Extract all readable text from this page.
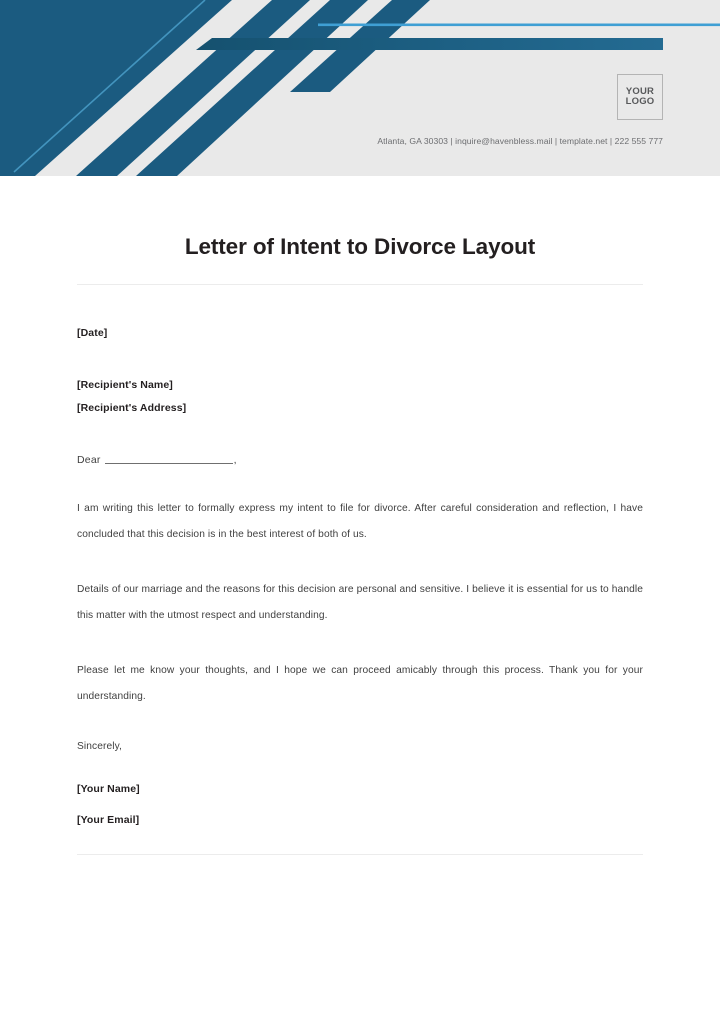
YOUR
LOGO
Atlanta, GA 30303 | inquire@havenbless.mail | template.net | 222 555 777
Letter of Intent to Divorce Layout
[Date]
[Recipient's Name]
[Recipient's Address]
Dear	,

I am writing this letter to formally express my intent to file for divorce. After careful consideration and reflection, I have concluded that this decision is in the best interest of both of us.

Details of our marriage and the reasons for this decision are personal and sensitive. I believe it is essential for us to handle this matter with the utmost respect and understanding.

Please let me know your thoughts, and I hope we can proceed amicably through this process. Thank you for your understanding.

Sincerely,
[Your Name]
[Your Email]
